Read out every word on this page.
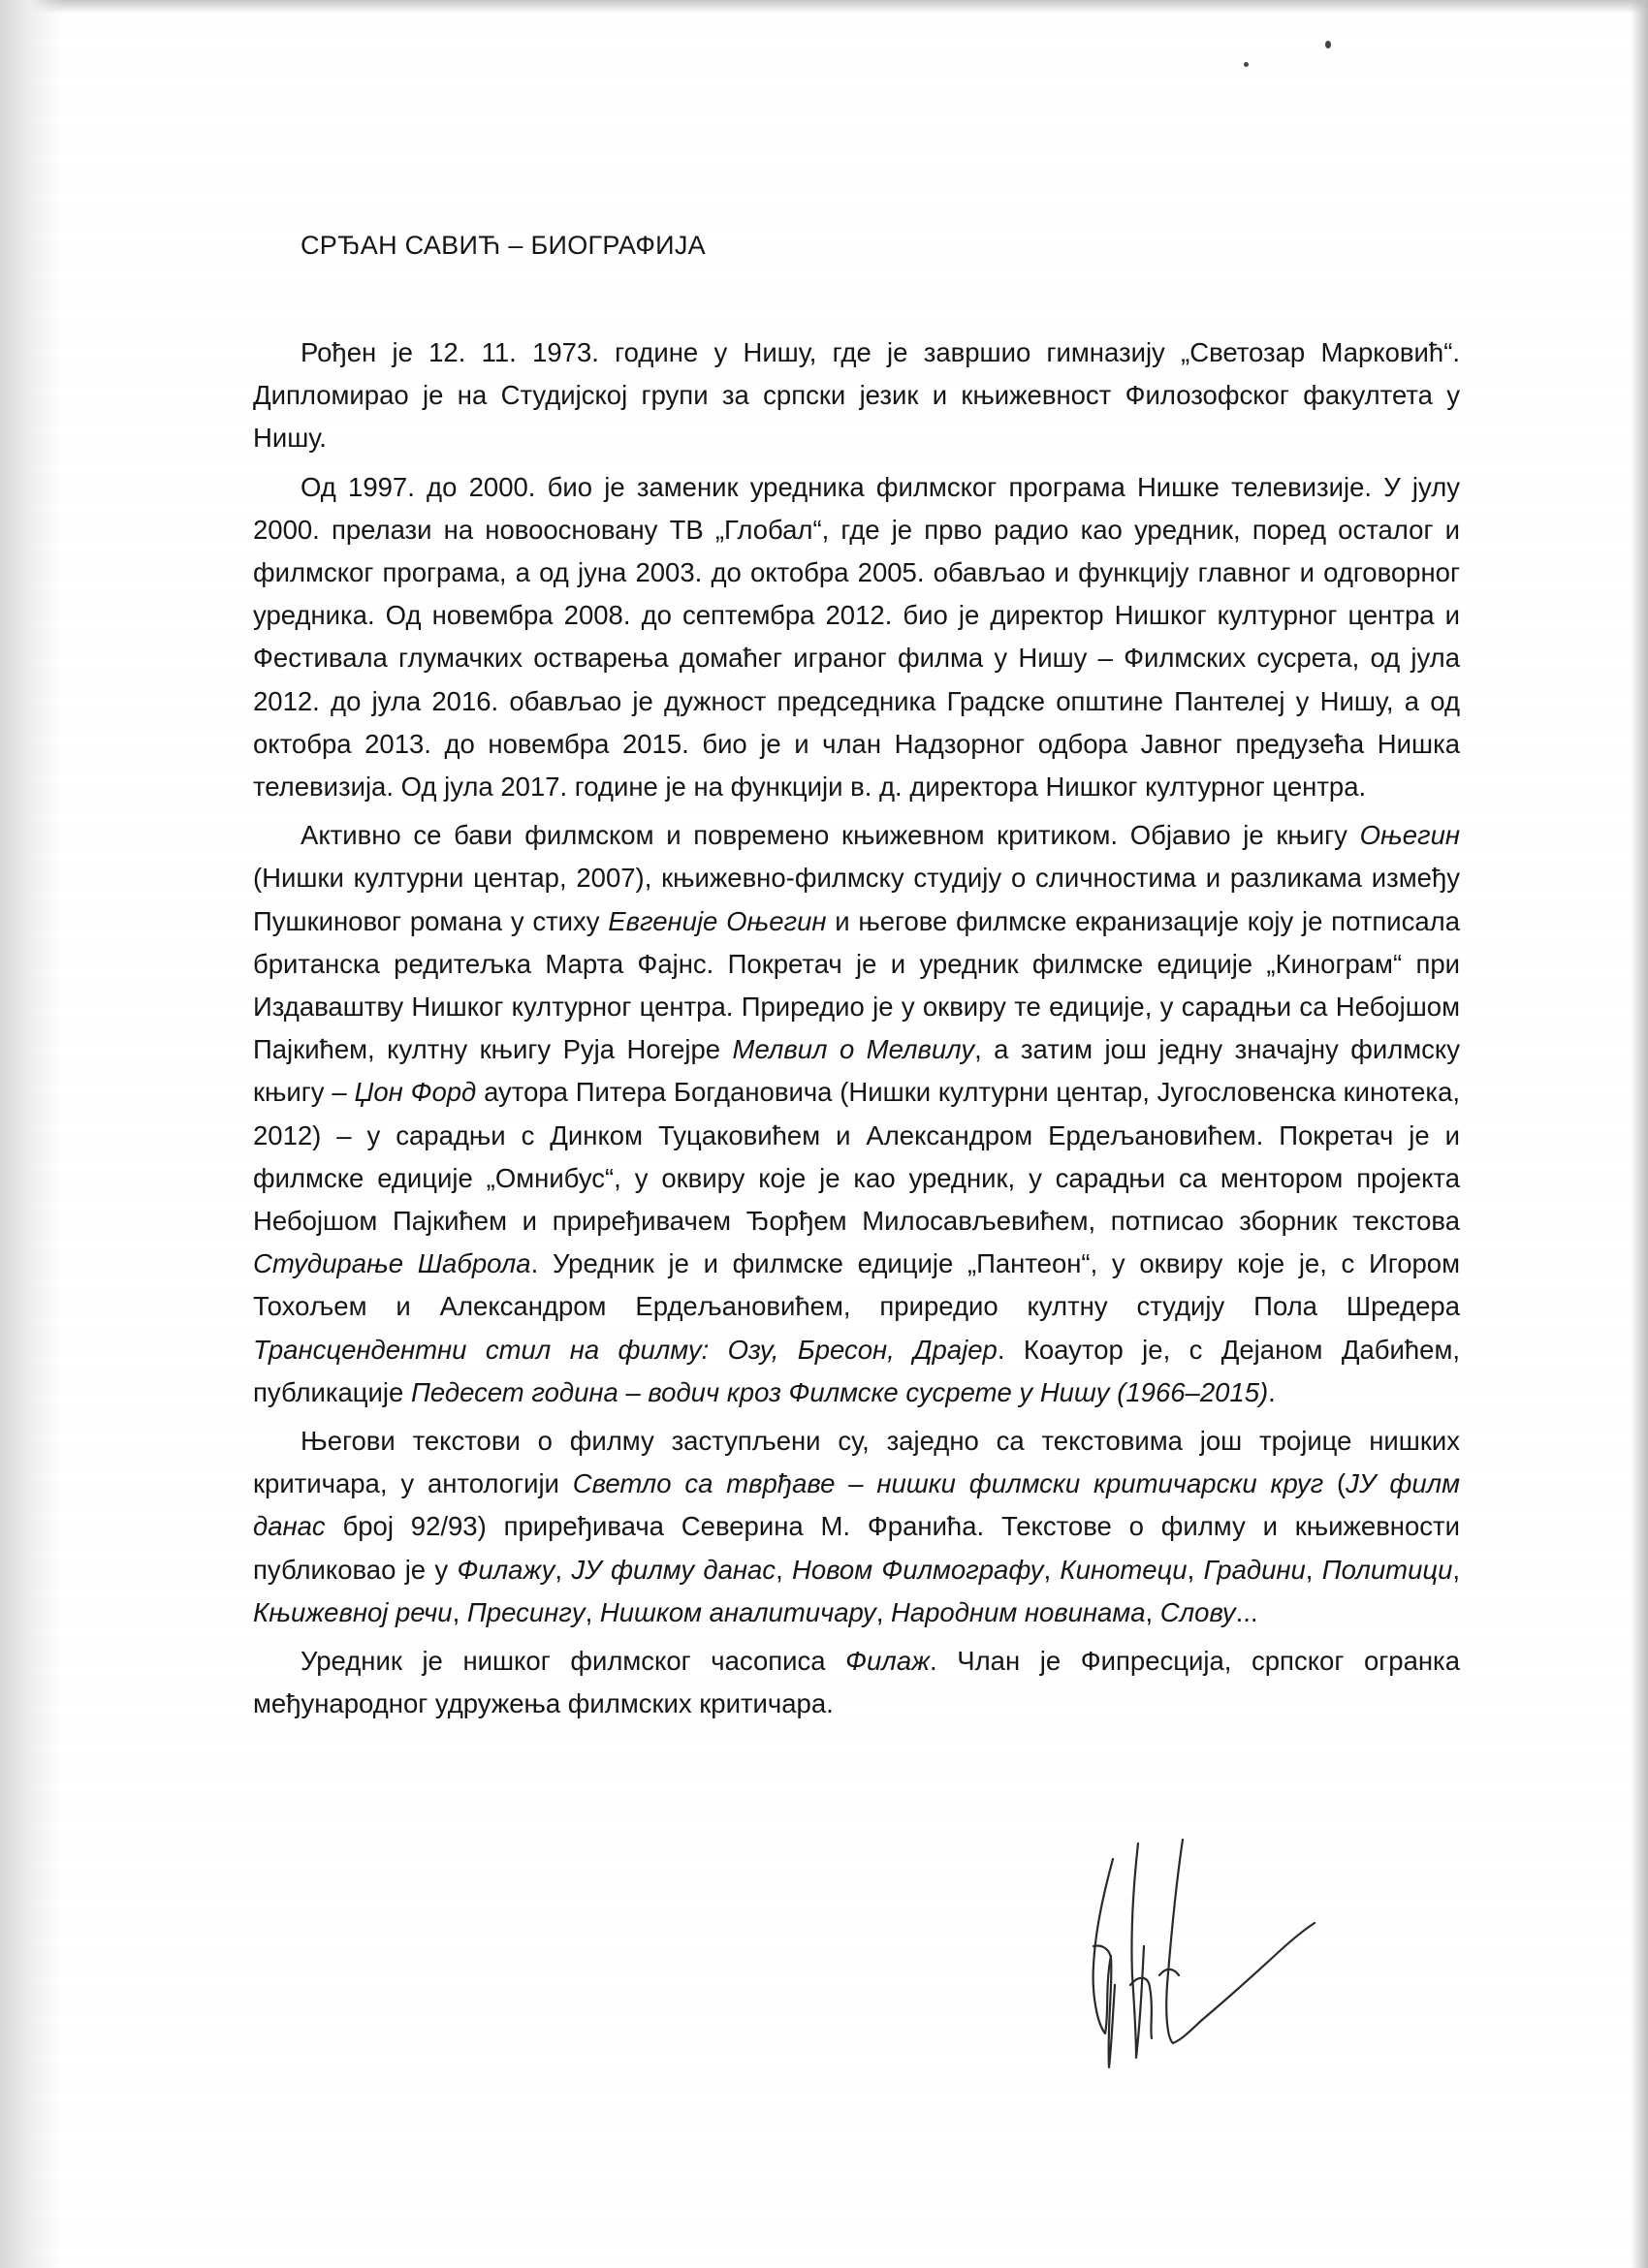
СРЂАН САВИЋ – БИОГРАФИЈА

Рођен је 12. 11. 1973. године у Нишу, где је завршио гимназију „Светозар Марковић“. Дипломирао је на Студијској групи за српски језик и књижевност Филозофског факултета у Нишу.

Од 1997. до 2000. био је заменик уредника филмског програма Нишке телевизије. У јулу 2000. прелази на новоосновану ТВ „Глобал“, где је прво радио као уредник, поред осталог и филмског програма, а од јуна 2003. до октобра 2005. обављао и функцију главног и одговорног уредника. Од новембра 2008. до септембра 2012. био је директор Нишког културног центра и Фестивала глумачких остварења домаћег играног филма у Нишу – Филмских сусрета, од јула 2012. до јула 2016. обављао је дужност председника Градске општине Пантелеј у Нишу, а од октобра 2013. до новембра 2015. био је и члан Надзорног одбора Јавног предузећа Нишка телевизија. Од јула 2017. године је на функцији в. д. директора Нишког културног центра.

Активно се бави филмском и повремено књижевном критиком. Објавио је књигу Оњегин (Нишки културни центар, 2007), књижевно-филмску студију о сличностима и разликама између Пушкиновог романа у стиху Евгеније Оњегин и његове филмске екранизације коју је потписала британска редитељка Марта Фајнс. Покретач је и уредник филмске едиције „Кинограм“ при Издаваштву Нишког културног центра. Приредио је у оквиру те едиције, у сарадњи са Небојшом Пајкићем, култну књигу Руја Ногејре Мелвил о Мелвилу, а затим још једну значајну филмску књигу – Џон Форд аутора Питера Богдановича (Нишки културни центар, Југословенска кинотека, 2012) – у сарадњи с Динком Туцаковићем и Александром Ердељановићем. Покретач је и филмске едиције „Омнибус“, у оквиру које је као уредник, у сарадњи са ментором пројекта Небојшом Пајкићем и приређивачем Ђорђем Милосављевићем, потписао зборник текстова Студирање Шаброла. Уредник је и филмске едиције „Пантеон“, у оквиру које је, с Игором Тохољем и Александром Ердељановићем, приредио култну студију Пола Шредера Трансцендентни стил на филму: Озу, Бресон, Драјер. Коаутор је, с Дејаном Дабићем, публикације Педесет година – водич кроз Филмске сусрете у Нишу (1966–2015).

Његови текстови о филму заступљени су, заједно са текстовима још тројице нишких критичара, у антологији Светло са тврђаве – нишки филмски критичарски круг (ЈУ филм данас број 92/93) приређивача Северина М. Франића. Текстове о филму и књижевности публиковао је у Филажу, ЈУ филму данас, Новом Филмографу, Кинотеци, Градини, Политици, Књижевној речи, Пресингу, Нишком аналитичару, Народним новинама, Слову...

Уредник је нишког филмског часописа Филаж. Члан је Фипресција, српског огранка међународног удружења филмских критичара.
